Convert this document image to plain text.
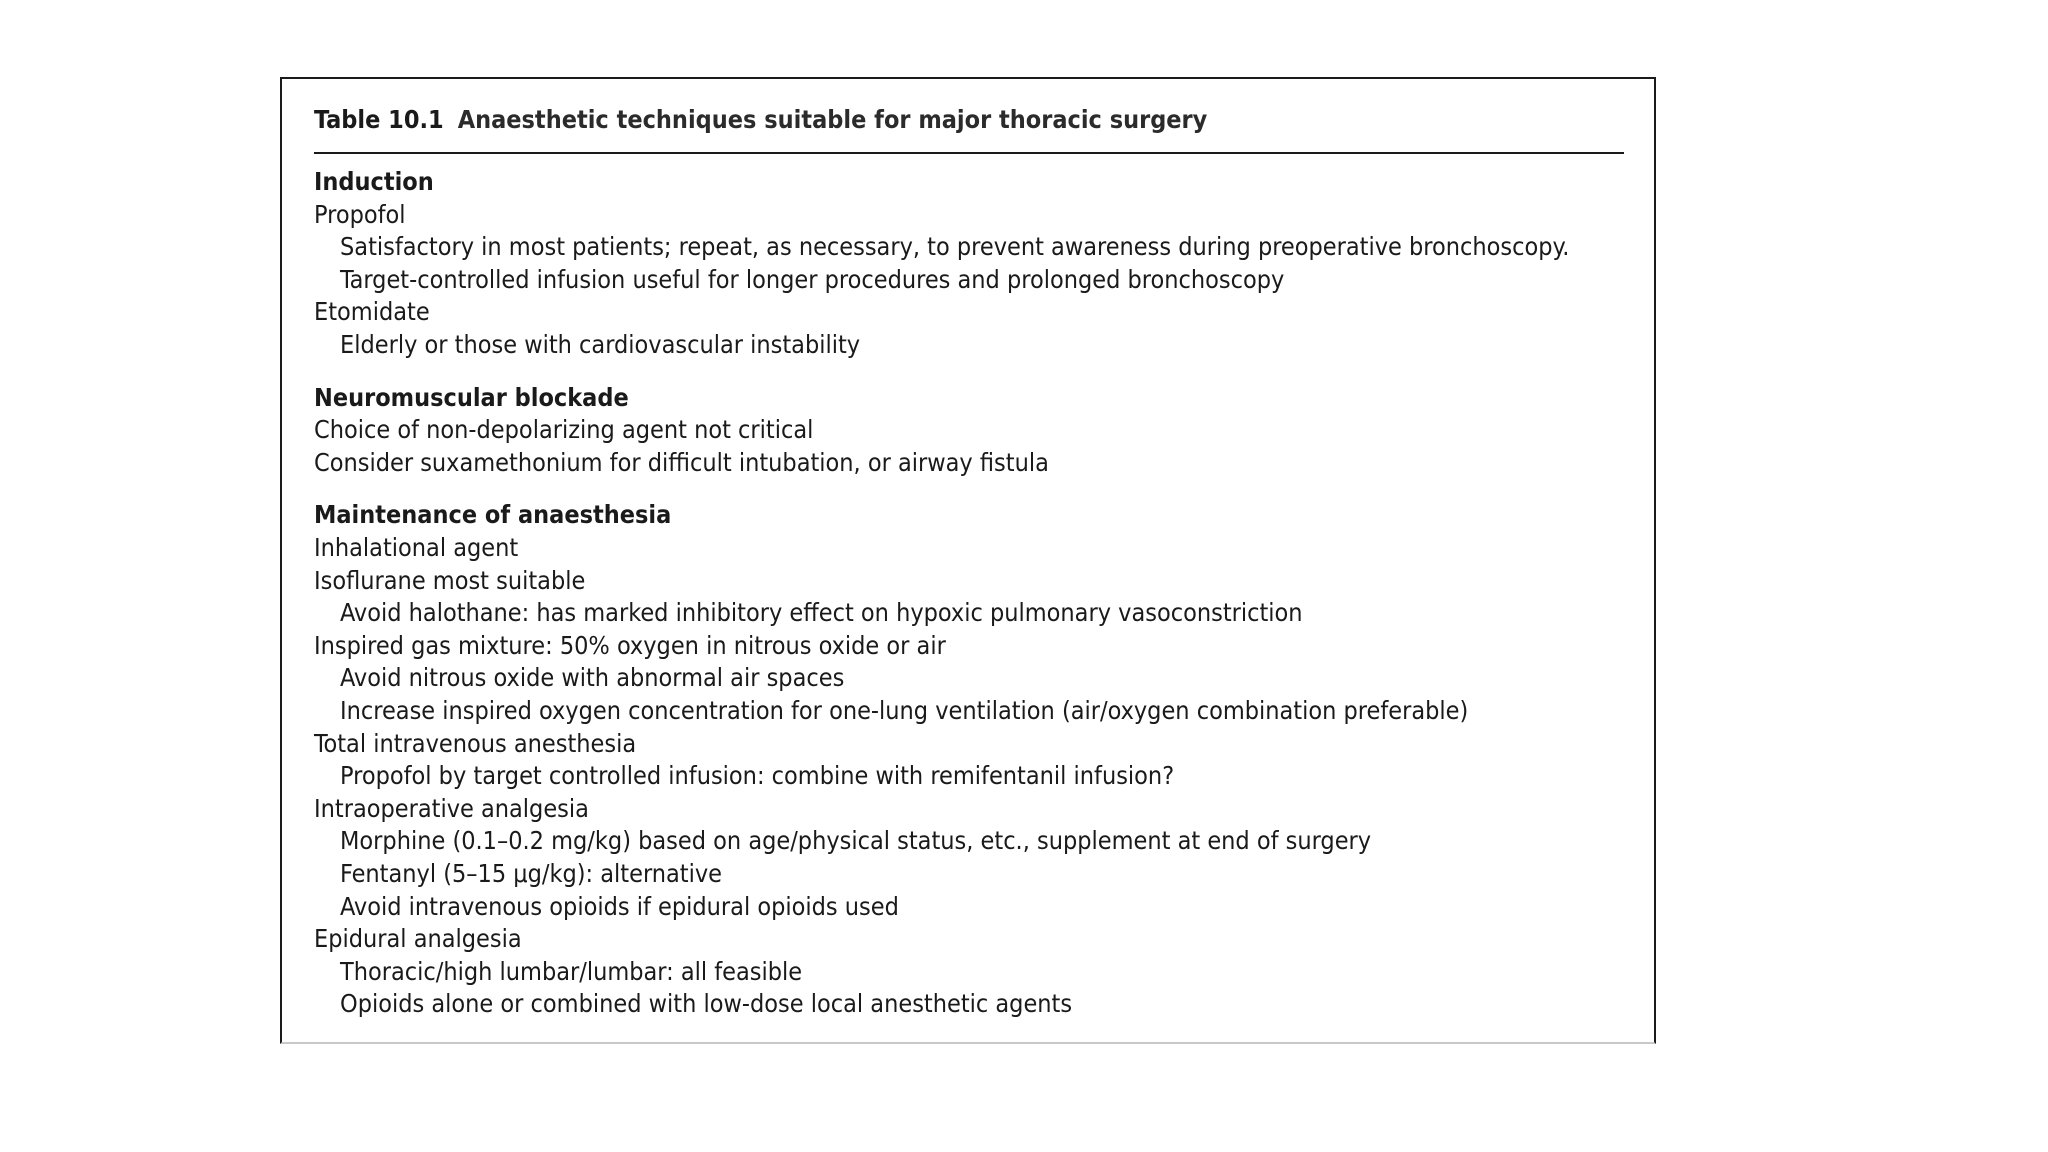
Table 10.1 Anaesthetic techniques suitable for major thoracic surgery
Induction
Propofol
Satisfactory in most patients; repeat, as necessary, to prevent awareness during preoperative bronchoscopy.
Target-controlled infusion useful for longer procedures and prolonged bronchoscopy
Etomidate
Elderly or those with cardiovascular instability
Neuromuscular blockade
Choice of non-depolarizing agent not critical
Consider suxamethonium for difficult intubation, or airway fistula
Maintenance of anaesthesia
Inhalational agent
Isoflurane most suitable
Avoid halothane: has marked inhibitory effect on hypoxic pulmonary vasoconstriction
Inspired gas mixture: 50% oxygen in nitrous oxide or air
Avoid nitrous oxide with abnormal air spaces
Increase inspired oxygen concentration for one-lung ventilation (air/oxygen combination preferable)
Total intravenous anesthesia
Propofol by target controlled infusion: combine with remifentanil infusion?
Intraoperative analgesia
Morphine (0.1–0.2 mg/kg) based on age/physical status, etc., supplement at end of surgery
Fentanyl (5–15 μg/kg): alternative
Avoid intravenous opioids if epidural opioids used
Epidural analgesia
Thoracic/high lumbar/lumbar: all feasible
Opioids alone or combined with low-dose local anesthetic agents
